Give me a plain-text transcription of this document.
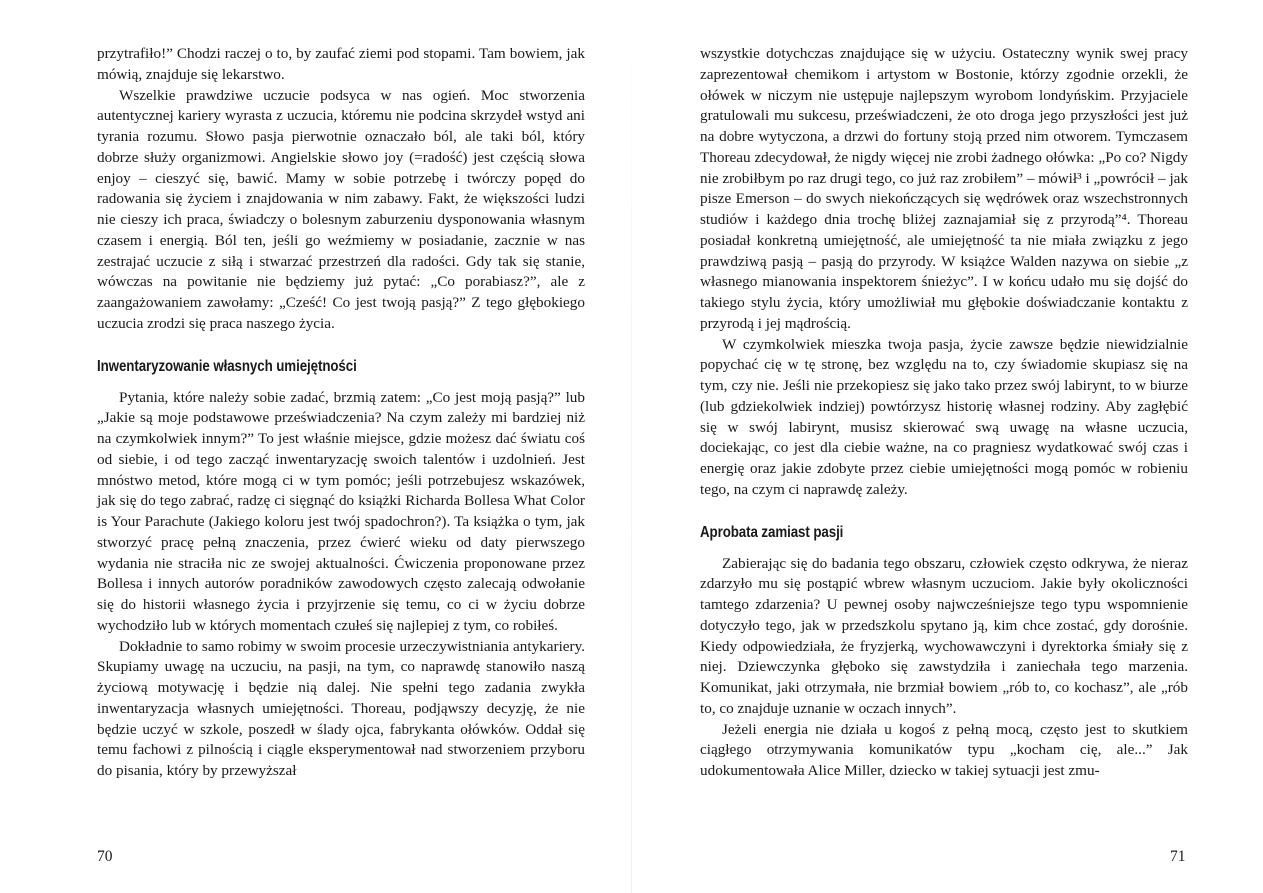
przytrafiło!” Chodzi raczej o to, by zaufać ziemi pod stopami. Tam bowiem, jak mówią, znajduje się lekarstwo.

Wszelkie prawdziwe uczucie podsyca w nas ogień. Moc stworzenia autentycznej kariery wyrasta z uczucia, któremu nie podcina skrzydeł wstyd ani tyrania rozumu. Słowo pasja pierwotnie oznaczało ból, ale taki ból, który dobrze służy organizmowi. Angielskie słowo joy (=radość) jest częścią słowa enjoy – cieszyć się, bawić. Mamy w sobie potrzebę i twórczy popęd do radowania się życiem i znajdowania w nim zabawy. Fakt, że większości ludzi nie cieszy ich praca, świadczy o bolesnym zaburzeniu dysponowania własnym czasem i energią. Ból ten, jeśli go weźmiemy w posiadanie, zacznie w nas zestrajać uczucie z siłą i stwarzać przestrzeń dla radości. Gdy tak się stanie, wówczas na powitanie nie będziemy już pytać: „Co porabiasz?”, ale z zaangażowaniem zawołamy: „Cześć! Co jest twoją pasją?” Z tego głębokiego uczucia zrodzi się praca naszego życia.

Inwentaryzowanie własnych umiejętności

Pytania, które należy sobie zadać, brzmią zatem: „Co jest moją pasją?” lub „Jakie są moje podstawowe przeświadczenia? Na czym zależy mi bardziej niż na czymkolwiek innym?” To jest właśnie miejsce, gdzie możesz dać światu coś od siebie, i od tego zacząć inwentaryzację swoich talentów i uzdolnień. Jest mnóstwo metod, które mogą ci w tym pomóc; jeśli potrzebujesz wskazówek, jak się do tego zabrać, radzę ci sięgnąć do książki Richarda Bollesa What Color is Your Parachute (Jakiego koloru jest twój spadochron?). Ta książka o tym, jak stworzyć pracę pełną znaczenia, przez ćwierć wieku od daty pierwszego wydania nie straciła nic ze swojej aktualności. Ćwiczenia proponowane przez Bollesa i innych autorów poradników zawodowych często zalecają odwołanie się do historii własnego życia i przyjrzenie się temu, co ci w życiu dobrze wychodziło lub w których momentach czułeś się najlepiej z tym, co robiłeś.

Dokładnie to samo robimy w swoim procesie urzeczywistniania antykariery. Skupiamy uwagę na uczuciu, na pasji, na tym, co naprawdę stanowiło naszą życiową motywację i będzie nią dalej. Nie spełni tego zadania zwykła inwentaryzacja własnych umiejętności. Thoreau, podjąwszy decyzję, że nie będzie uczyć w szkole, poszedł w ślady ojca, fabrykanta ołówków. Oddał się temu fachowi z pilnością i ciągle eksperymentował nad stworzeniem przyboru do pisania, który by przewyższał

70

wszystkie dotychczas znajdujące się w użyciu. Ostateczny wynik swej pracy zaprezentował chemikom i artystom w Bostonie, którzy zgodnie orzekli, że ołówek w niczym nie ustępuje najlepszym wyrobom londyńskim. Przyjaciele gratulowali mu sukcesu, przeświadczeni, że oto droga jego przyszłości jest już na dobre wytyczona, a drzwi do fortuny stoją przed nim otworem. Tymczasem Thoreau zdecydował, że nigdy więcej nie zrobi żadnego ołówka: „Po co? Nigdy nie zrobiłbym po raz drugi tego, co już raz zrobiłem” – mówił³ i „powrócił – jak pisze Emerson – do swych niekończących się wędrówek oraz wszechstronnych studiów i każdego dnia trochę bliżej zaznajamiał się z przyrodą”⁴. Thoreau posiadał konkretną umiejętność, ale umiejętność ta nie miała związku z jego prawdziwą pasją – pasją do przyrody. W książce Walden nazywa on siebie „z własnego mianowania inspektorem śnieżyc”. I w końcu udało mu się dojść do takiego stylu życia, który umożliwiał mu głębokie doświadczanie kontaktu z przyrodą i jej mądrością.

W czymkolwiek mieszka twoja pasja, życie zawsze będzie niewidzialnie popychać cię w tę stronę, bez względu na to, czy świadomie skupiasz się na tym, czy nie. Jeśli nie przekopiesz się jako tako przez swój labirynt, to w biurze (lub gdziekolwiek indziej) powtórzysz historię własnej rodziny. Aby zagłębić się w swój labirynt, musisz skierować swą uwagę na własne uczucia, dociekając, co jest dla ciebie ważne, na co pragniesz wydatkować swój czas i energię oraz jakie zdobyte przez ciebie umiejętności mogą pomóc w robieniu tego, na czym ci naprawdę zależy.

Aprobata zamiast pasji

Zabierając się do badania tego obszaru, człowiek często odkrywa, że nieraz zdarzyło mu się postąpić wbrew własnym uczuciom. Jakie były okoliczności tamtego zdarzenia? U pewnej osoby najwcześniejsze tego typu wspomnienie dotyczyło tego, jak w przedszkolu spytano ją, kim chce zostać, gdy dorośnie. Kiedy odpowiedziała, że fryzjerką, wychowawczyni i dyrektorka śmiały się z niej. Dziewczynka głęboko się zawstydziła i zaniechała tego marzenia. Komunikat, jaki otrzymała, nie brzmiał bowiem „rób to, co kochasz”, ale „rób to, co znajduje uznanie w oczach innych”.

Jeżeli energia nie działa u kogoś z pełną mocą, często jest to skutkiem ciągłego otrzymywania komunikatów typu „kocham cię, ale...” Jak udokumentowała Alice Miller, dziecko w takiej sytuacji jest zmu-

71
